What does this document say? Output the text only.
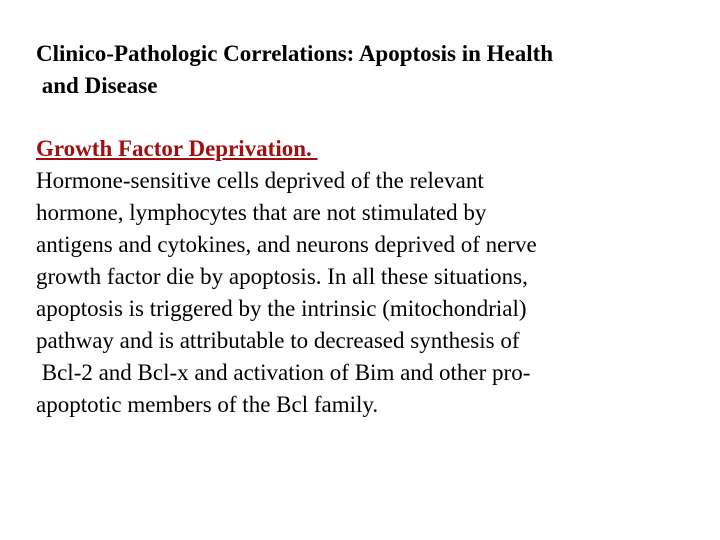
Clinico-Pathologic Correlations: Apoptosis in Health
and Disease
Growth Factor Deprivation.
Hormone-sensitive cells deprived of the relevant
hormone, lymphocytes that are not stimulated by
antigens and cytokines, and neurons deprived of nerve
growth factor die by apoptosis. In all these situations,
apoptosis is triggered by the intrinsic (mitochondrial)
pathway and is attributable to decreased synthesis of
Bcl-2 and Bcl-x and activation of Bim and other pro-
apoptotic members of the Bcl family.
